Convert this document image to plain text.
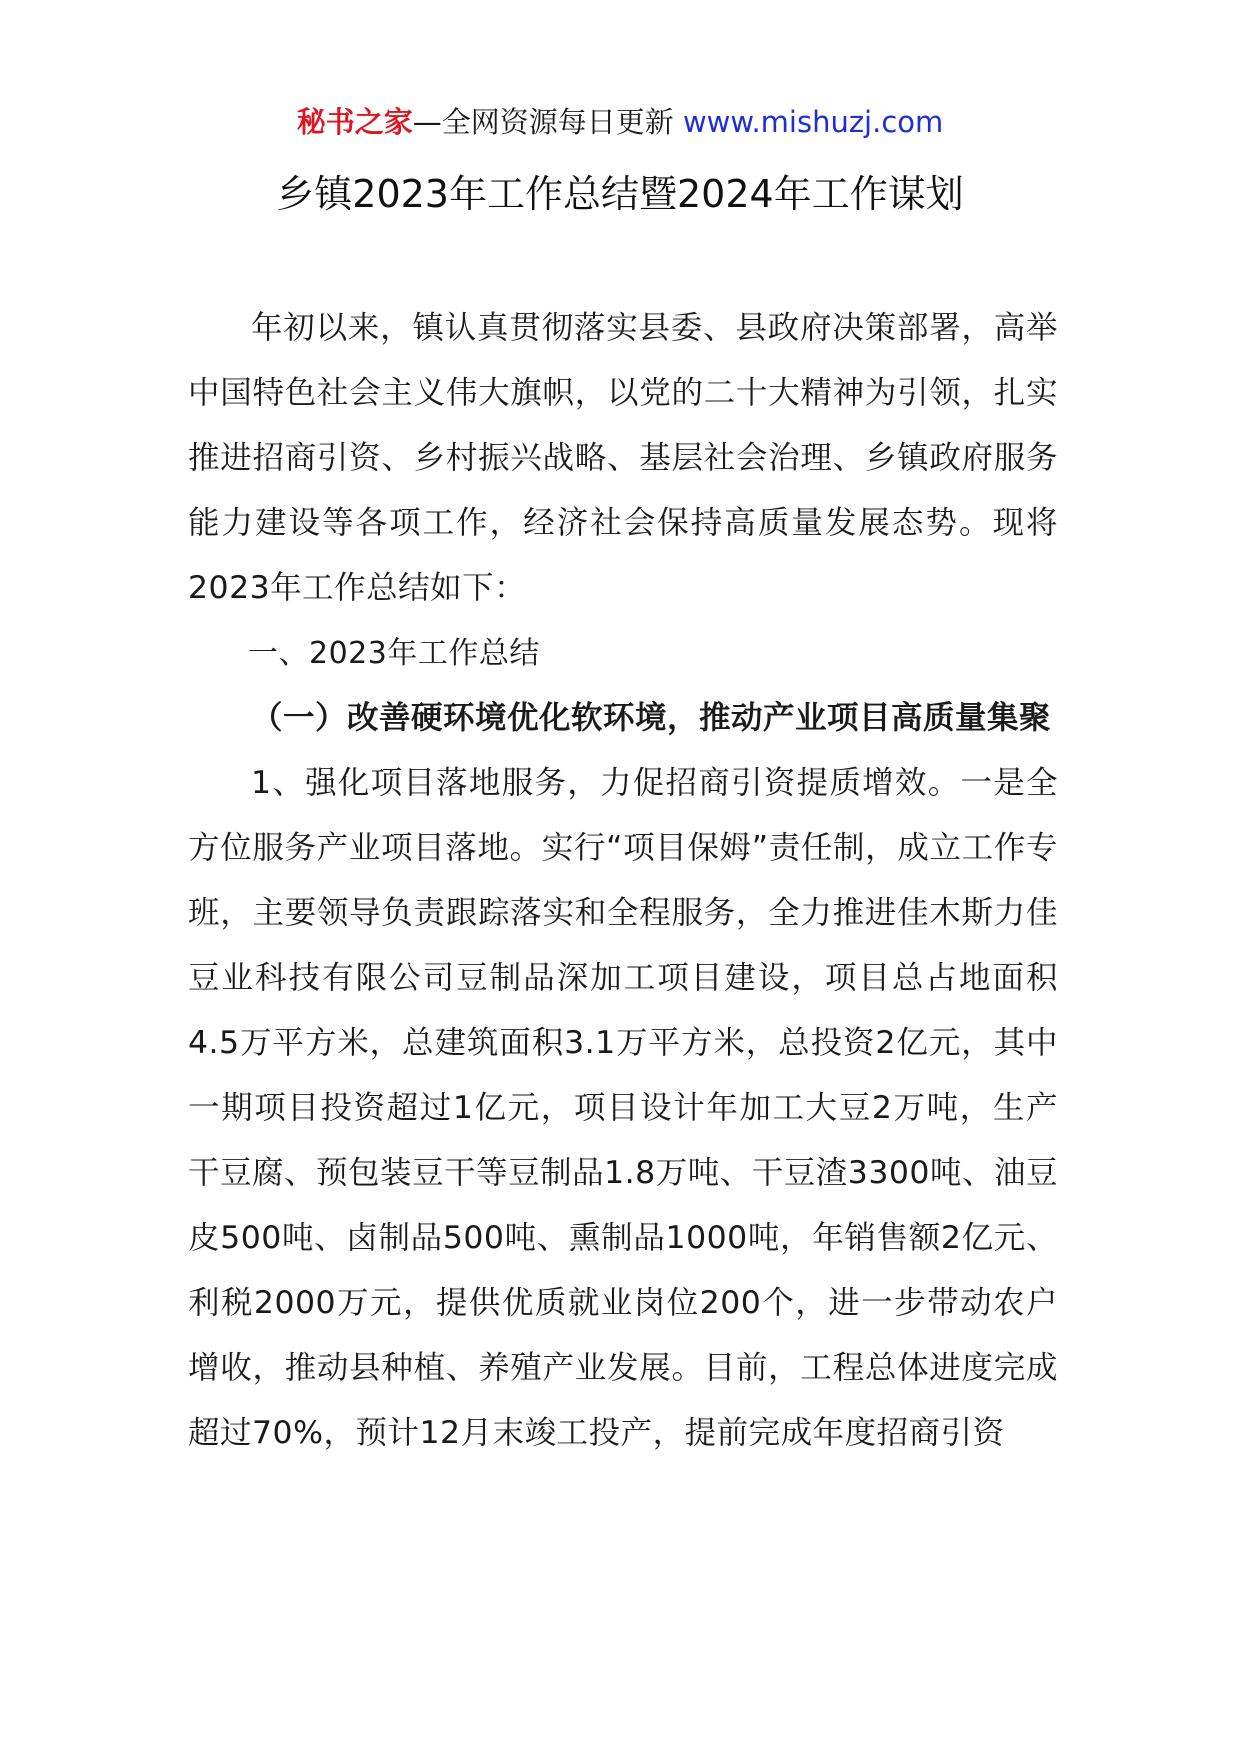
秘书之家—全网资源每日更新 www.mishuzj.com
乡镇2023年工作总结暨2024年工作谋划

年初以来，镇认真贯彻落实县委、县政府决策部署，高举中国特色社会主义伟大旗帜，以党的二十大精神为引领，扎实推进招商引资、乡村振兴战略、基层社会治理、乡镇政府服务能力建设等各项工作，经济社会保持高质量发展态势。现将2023年工作总结如下：

一、2023年工作总结

（一）改善硬环境优化软环境，推动产业项目高质量集聚

1、强化项目落地服务，力促招商引资提质增效。一是全方位服务产业项目落地。实行“项目保姆”责任制，成立工作专班，主要领导负责跟踪落实和全程服务，全力推进佳木斯力佳豆业科技有限公司豆制品深加工项目建设，项目总占地面积4.5万平方米，总建筑面积3.1万平方米，总投资2亿元，其中一期项目投资超过1亿元，项目设计年加工大豆2万吨，生产干豆腐、预包装豆干等豆制品1.8万吨、干豆渣3300吨、油豆皮500吨、卤制品500吨、熏制品1000吨，年销售额2亿元、利税2000万元，提供优质就业岗位200个，进一步带动农户增收，推动县种植、养殖产业发展。目前，工程总体进度完成超过70%，预计12月末竣工投产，提前完成年度招商引资
